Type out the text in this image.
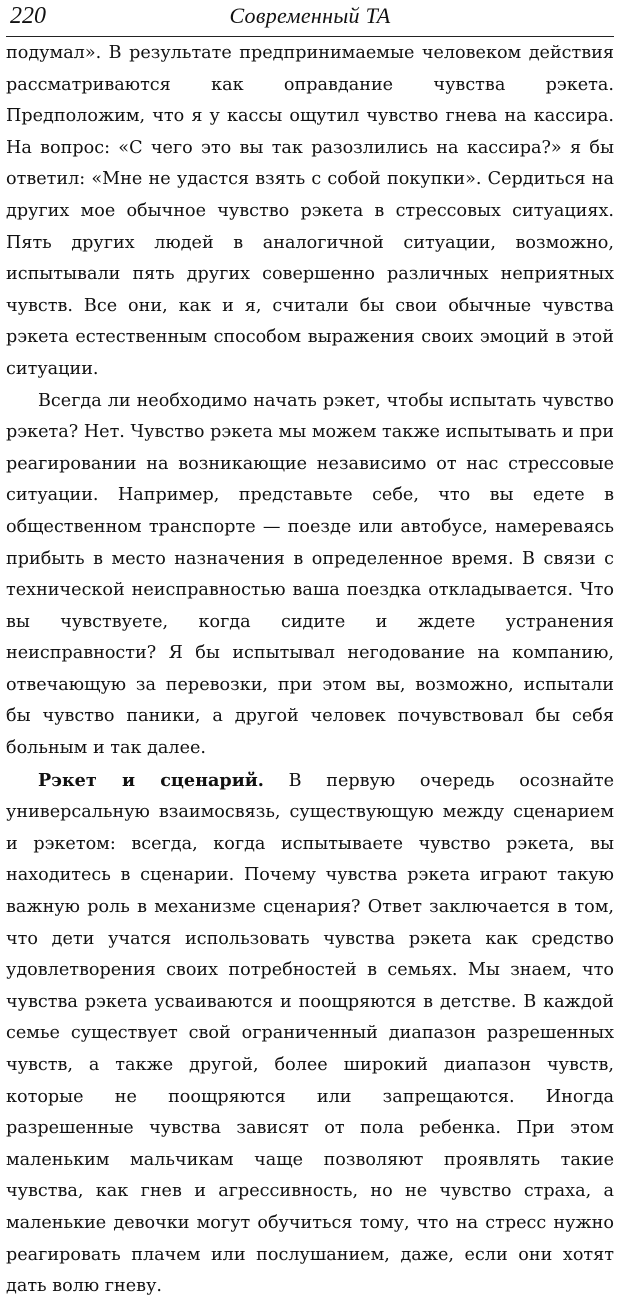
220	Современный ТА

подумал». В результате предпринимаемые человеком действия рассматриваются как оправдание чувства рэкета. Предположим, что я у кассы ощутил чувство гнева на кассира. На вопрос: «С чего это вы так разозлились на кассира?» я бы ответил: «Мне не удастся взять с собой покупки». Сердиться на других мое обычное чувство рэкета в стрессовых ситуациях. Пять других людей в аналогичной ситуации, возможно, испытывали пять других совершенно различных неприятных чувств. Все они, как и я, считали бы свои обычные чувства рэкета естественным способом выражения своих эмоций в этой ситуации.

Всегда ли необходимо начать рэкет, чтобы испытать чувство рэкета? Нет. Чувство рэкета мы можем также испытывать и при реагировании на возникающие независимо от нас стрессовые ситуации. Например, представьте себе, что вы едете в общественном транспорте — поезде или автобусе, намереваясь прибыть в место назначения в определенное время. В связи с технической неисправностью ваша поездка откладывается. Что вы чувствуете, когда сидите и ждете устранения неисправности? Я бы испытывал негодование на компанию, отвечающую за перевозки, при этом вы, возможно, испытали бы чувство паники, а другой человек почувствовал бы себя больным и так далее.

Рэкет и сценарий. В первую очередь осознайте универсальную взаимосвязь, существующую между сценарием и рэкетом: всегда, когда испытываете чувство рэкета, вы находитесь в сценарии. Почему чувства рэкета играют такую важную роль в механизме сценария? Ответ заключается в том, что дети учатся использовать чувства рэкета как средство удовлетворения своих потребностей в семьях. Мы знаем, что чувства рэкета усваиваются и поощряются в детстве. В каждой семье существует свой ограниченный диапазон разрешенных чувств, а также другой, более широкий диапазон чувств, которые не поощряются или запрещаются. Иногда разрешенные чувства зависят от пола ребенка. При этом маленьким мальчикам чаще позволяют проявлять такие чувства, как гнев и агрессивность, но не чувство страха, а маленькие девочки могут обучиться тому, что на стресс нужно реагировать плачем или послушанием, даже, если они хотят дать волю гневу.
